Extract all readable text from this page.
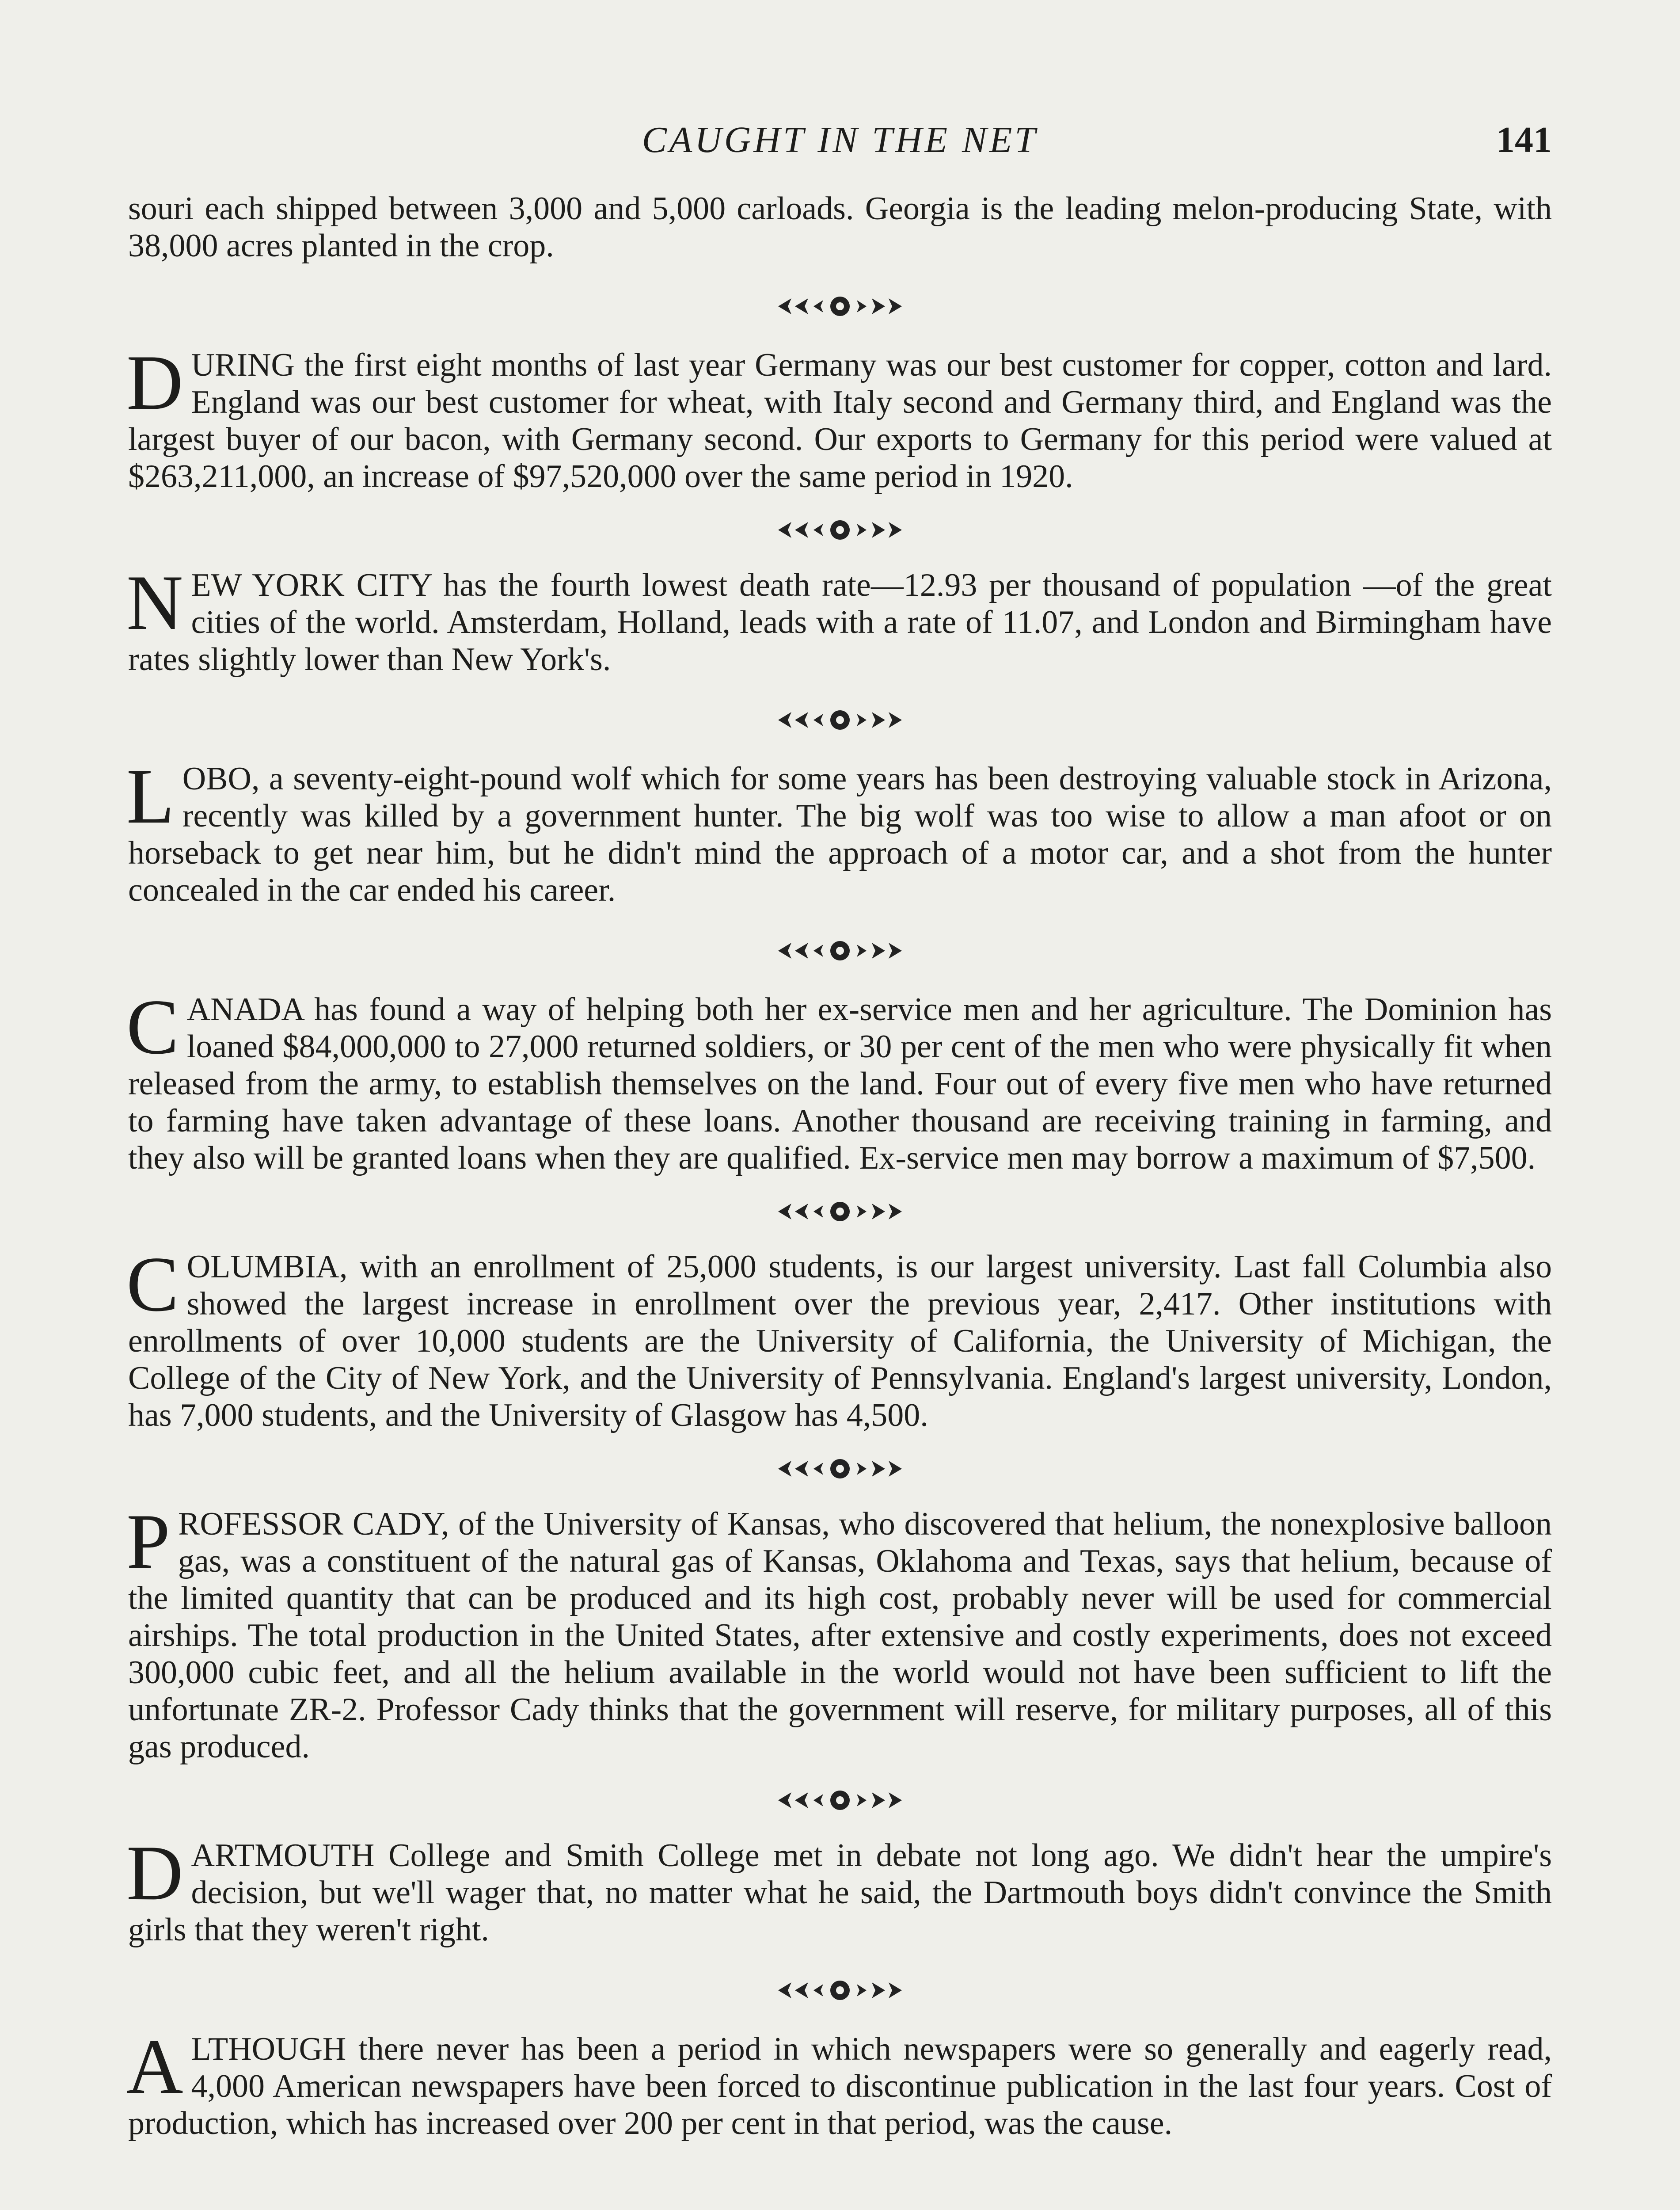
CAUGHT IN THE NET	141

souri each shipped between 3,000 and 5,000 carloads. Georgia is the leading melon-producing State, with 38,000 acres planted in the crop.

DURING the first eight months of last year Germany was our best customer for copper, cotton and lard. England was our best customer for wheat, with Italy second and Germany third, and England was the largest buyer of our bacon, with Germany second. Our exports to Germany for this period were valued at $263,211,000, an increase of $97,520,000 over the same period in 1920.

NEW YORK CITY has the fourth lowest death rate—12.93 per thousand of population —of the great cities of the world. Amsterdam, Holland, leads with a rate of 11.07, and London and Birmingham have rates slightly lower than New York's.

LOBO, a seventy-eight-pound wolf which for some years has been destroying valuable stock in Arizona, recently was killed by a government hunter. The big wolf was too wise to allow a man afoot or on horseback to get near him, but he didn't mind the approach of a motor car, and a shot from the hunter concealed in the car ended his career.

CANADA has found a way of helping both her ex-service men and her agriculture. The Dominion has loaned $84,000,000 to 27,000 returned soldiers, or 30 per cent of the men who were physically fit when released from the army, to establish themselves on the land. Four out of every five men who have returned to farming have taken advantage of these loans. Another thousand are receiving training in farming, and they also will be granted loans when they are qualified. Ex-service men may borrow a maximum of $7,500.

COLUMBIA, with an enrollment of 25,000 students, is our largest university. Last fall Columbia also showed the largest increase in enrollment over the previous year, 2,417. Other institutions with enrollments of over 10,000 students are the University of California, the University of Michigan, the College of the City of New York, and the University of Pennsylvania. England's largest university, London, has 7,000 students, and the University of Glasgow has 4,500.

PROFESSOR CADY, of the University of Kansas, who discovered that helium, the nonexplosive balloon gas, was a constituent of the natural gas of Kansas, Oklahoma and Texas, says that helium, because of the limited quantity that can be produced and its high cost, probably never will be used for commercial airships. The total production in the United States, after extensive and costly experiments, does not exceed 300,000 cubic feet, and all the helium available in the world would not have been sufficient to lift the unfortunate ZR-2. Professor Cady thinks that the government will reserve, for military purposes, all of this gas produced.

DARTMOUTH College and Smith College met in debate not long ago. We didn't hear the umpire's decision, but we'll wager that, no matter what he said, the Dartmouth boys didn't convince the Smith girls that they weren't right.

ALTHOUGH there never has been a period in which newspapers were so generally and eagerly read, 4,000 American newspapers have been forced to discontinue publication in the last four years. Cost of production, which has increased over 200 per cent in that period, was the cause.
